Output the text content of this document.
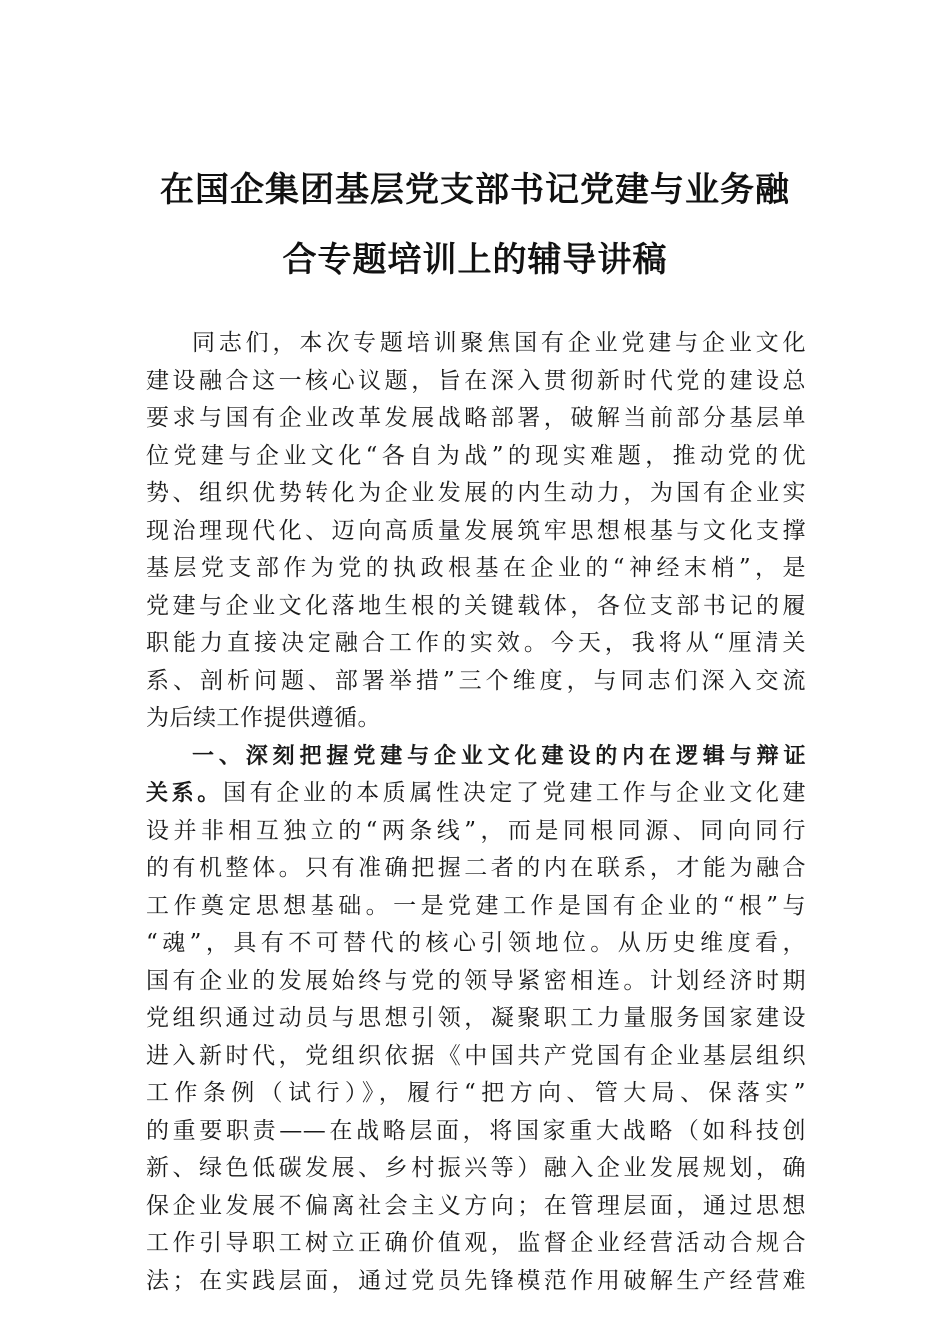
在国企集团基层党支部书记党建与业务融
合专题培训上的辅导讲稿
同志们，本次专题培训聚焦国有企业党建与企业文化
建设融合这一核心议题，旨在深入贯彻新时代党的建设总
要求与国有企业改革发展战略部署，破解当前部分基层单
位党建与企业文化“各自为战”的现实难题，推动党的优
势、组织优势转化为企业发展的内生动力，为国有企业实
现治理现代化、迈向高质量发展筑牢思想根基与文化支撑
基层党支部作为党的执政根基在企业的“神经末梢”，是
党建与企业文化落地生根的关键载体，各位支部书记的履
职能力直接决定融合工作的实效。今天，我将从“厘清关
系、剖析问题、部署举措”三个维度，与同志们深入交流
为后续工作提供遵循。
一、深刻把握党建与企业文化建设的内在逻辑与辩证
关系。国有企业的本质属性决定了党建工作与企业文化建
设并非相互独立的“两条线”，而是同根同源、同向同行
的有机整体。只有准确把握二者的内在联系，才能为融合
工作奠定思想基础。一是党建工作是国有企业的“根”与
“魂”，具有不可替代的核心引领地位。从历史维度看，
国有企业的发展始终与党的领导紧密相连。计划经济时期
党组织通过动员与思想引领，凝聚职工力量服务国家建设
进入新时代，党组织依据《中国共产党国有企业基层组织
工作条例（试行）》，履行“把方向、管大局、保落实”
的重要职责——在战略层面，将国家重大战略（如科技创
新、绿色低碳发展、乡村振兴等）融入企业发展规划，确
保企业发展不偏离社会主义方向；在管理层面，通过思想
工作引导职工树立正确价值观，监督企业经营活动合规合
法；在实践层面，通过党员先锋模范作用破解生产经营难
